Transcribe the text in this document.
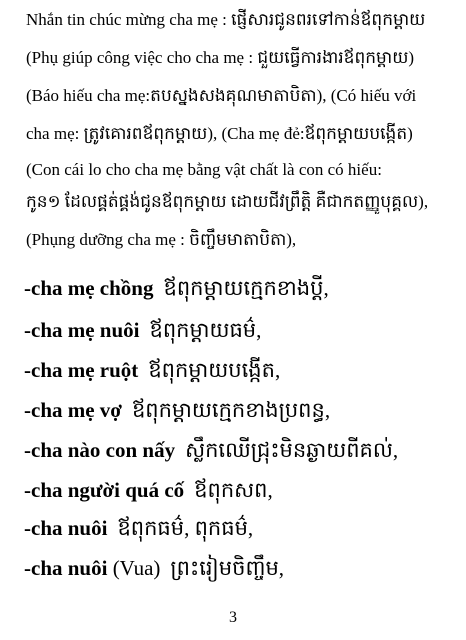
Nhắn tin chúc mừng cha mẹ : ផ្ញើសារជូនពរទៅកាន់ឪពុកម្ដាយ
(Phụ giúp công việc cho cha mẹ : ជួយធ្វើការងារឪពុកម្ដាយ)
(Báo hiếu cha mẹ:តបស្នងសងគុណមាតាបិតា), (Có hiếu với
cha mẹ: ត្រូវគោរពឪពុកម្ដាយ), (Cha mẹ đẻ:ឪពុកម្ដាយបង្កើត)
(Con cái lo cho cha mẹ bằng vật chất là con có hiếu:
កូន១ ដែលផ្គត់ផ្គង់ជូនឪពុកម្ដាយ ដោយជីវព្រឹត្តិ គឺជាកតញ្ញូបុគ្គល),
(Phụng dưỡng cha mẹ : ចិញ្ចឹមមាតាបិតា),
-cha mẹ chồng ឪពុកម្ដាយក្មេកខាងប្ដី,
-cha mẹ nuôi ឪពុកម្ដាយធម៌,
-cha mẹ ruột ឪពុកម្ដាយបង្កើត,
-cha mẹ vợ ឪពុកម្ដាយក្មេកខាងប្រពន្ធ,
-cha nào con nấy ស្លឹកឈើជ្រុះមិនឆ្ងាយពីគល់,
-cha người quá cố ឪពុកសព,
-cha nuôi ឪពុកធម៌, ពុកធម៌,
-cha nuôi (Vua) ព្រះរៀមចិញ្ចឹម,
3
